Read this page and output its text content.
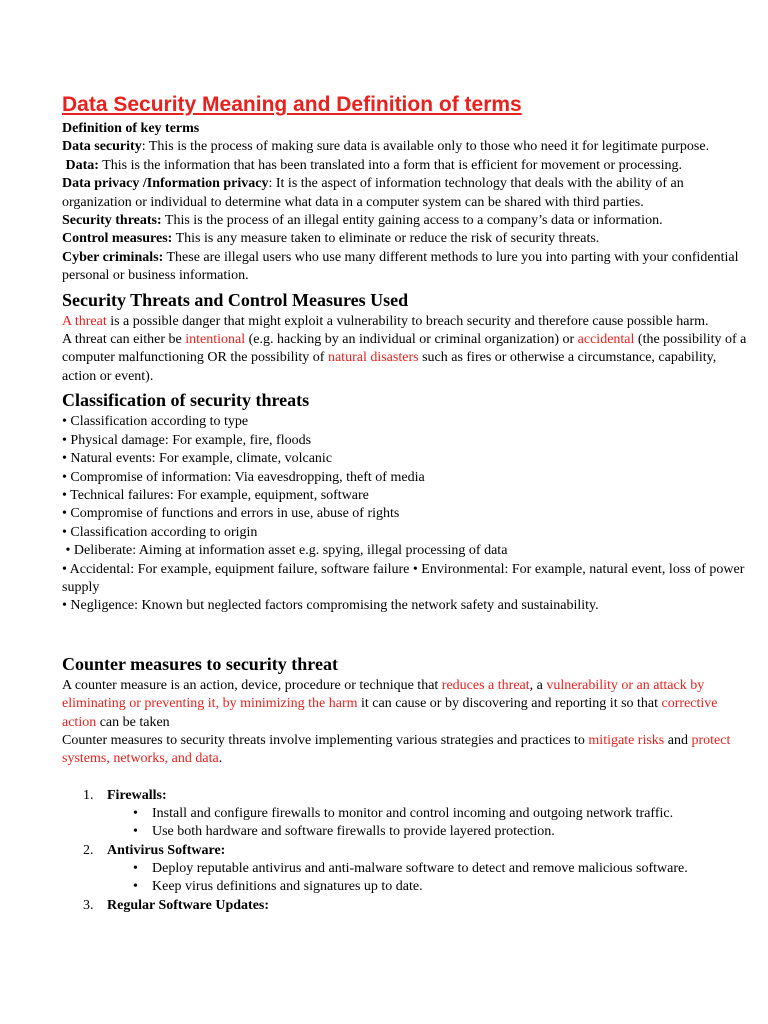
Data Security Meaning and Definition of terms

Definition of key terms

Data security: This is the process of making sure data is available only to those who need it for legitimate purpose.

Data: This is the information that has been translated into a form that is efficient for movement or processing.

Data privacy /Information privacy: It is the aspect of information technology that deals with the ability of an organization or individual to determine what data in a computer system can be shared with third parties.

Security threats: This is the process of an illegal entity gaining access to a company’s data or information.

Control measures: This is any measure taken to eliminate or reduce the risk of security threats.

Cyber criminals: These are illegal users who use many different methods to lure you into parting with your confidential personal or business information.

Security Threats and Control Measures Used

A threat is a possible danger that might exploit a vulnerability to breach security and therefore cause possible harm.

A threat can either be intentional (e.g. hacking by an individual or criminal organization) or accidental (the possibility of a computer malfunctioning OR the possibility of natural disasters such as fires or otherwise a circumstance, capability, action or event).

Classification of security threats

• Classification according to type

• Physical damage: For example, fire, floods

• Natural events: For example, climate, volcanic

• Compromise of information: Via eavesdropping, theft of media

• Technical failures: For example, equipment, software

• Compromise of functions and errors in use, abuse of rights

• Classification according to origin

• Deliberate: Aiming at information asset e.g. spying, illegal processing of data

• Accidental: For example, equipment failure, software failure • Environmental: For example, natural event, loss of power supply

• Negligence: Known but neglected factors compromising the network safety and sustainability.

Counter measures to security threat

A counter measure is an action, device, procedure or technique that reduces a threat, a vulnerability or an attack by eliminating or preventing it, by minimizing the harm it can cause or by discovering and reporting it so that corrective action can be taken

Counter measures to security threats involve implementing various strategies and practices to mitigate risks and protect systems, networks, and data.

1. Firewalls:
• Install and configure firewalls to monitor and control incoming and outgoing network traffic.
• Use both hardware and software firewalls to provide layered protection.
2. Antivirus Software:
• Deploy reputable antivirus and anti-malware software to detect and remove malicious software.
• Keep virus definitions and signatures up to date.
3. Regular Software Updates:
